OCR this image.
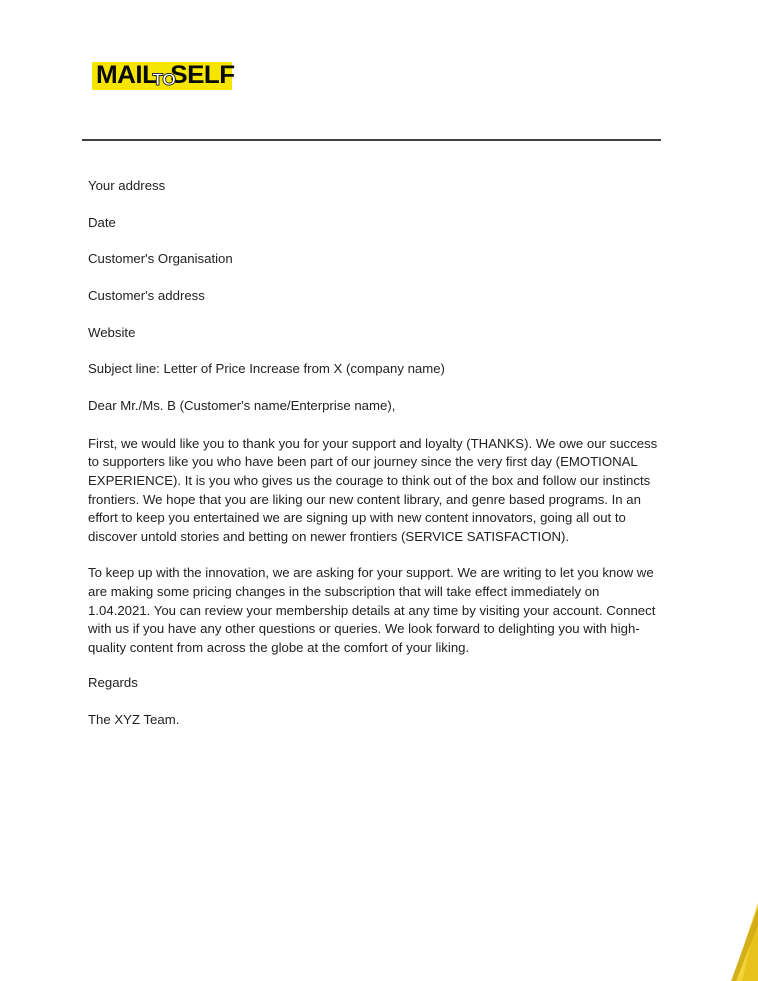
MAILTOSELF

Your address

Date

Customer's Organisation

Customer's address

Website

Subject line: Letter of Price Increase from X (company name)

Dear Mr./Ms. B (Customer's name/Enterprise name),

First, we would like you to thank you for your support and loyalty (THANKS). We owe our success to supporters like you who have been part of our journey since the very first day (EMOTIONAL EXPERIENCE). It is you who gives us the courage to think out of the box and follow our instincts frontiers. We hope that you are liking our new content library, and genre based programs. In an effort to keep you entertained we are signing up with new content innovators, going all out to discover untold stories and betting on newer frontiers (SERVICE SATISFACTION).

To keep up with the innovation, we are asking for your support. We are writing to let you know we are making some pricing changes in the subscription that will take effect immediately on 1.04.2021. You can review your membership details at any time by visiting your account. Connect with us if you have any other questions or queries. We look forward to delighting you with high-quality content from across the globe at the comfort of your liking.

Regards

The XYZ Team.
